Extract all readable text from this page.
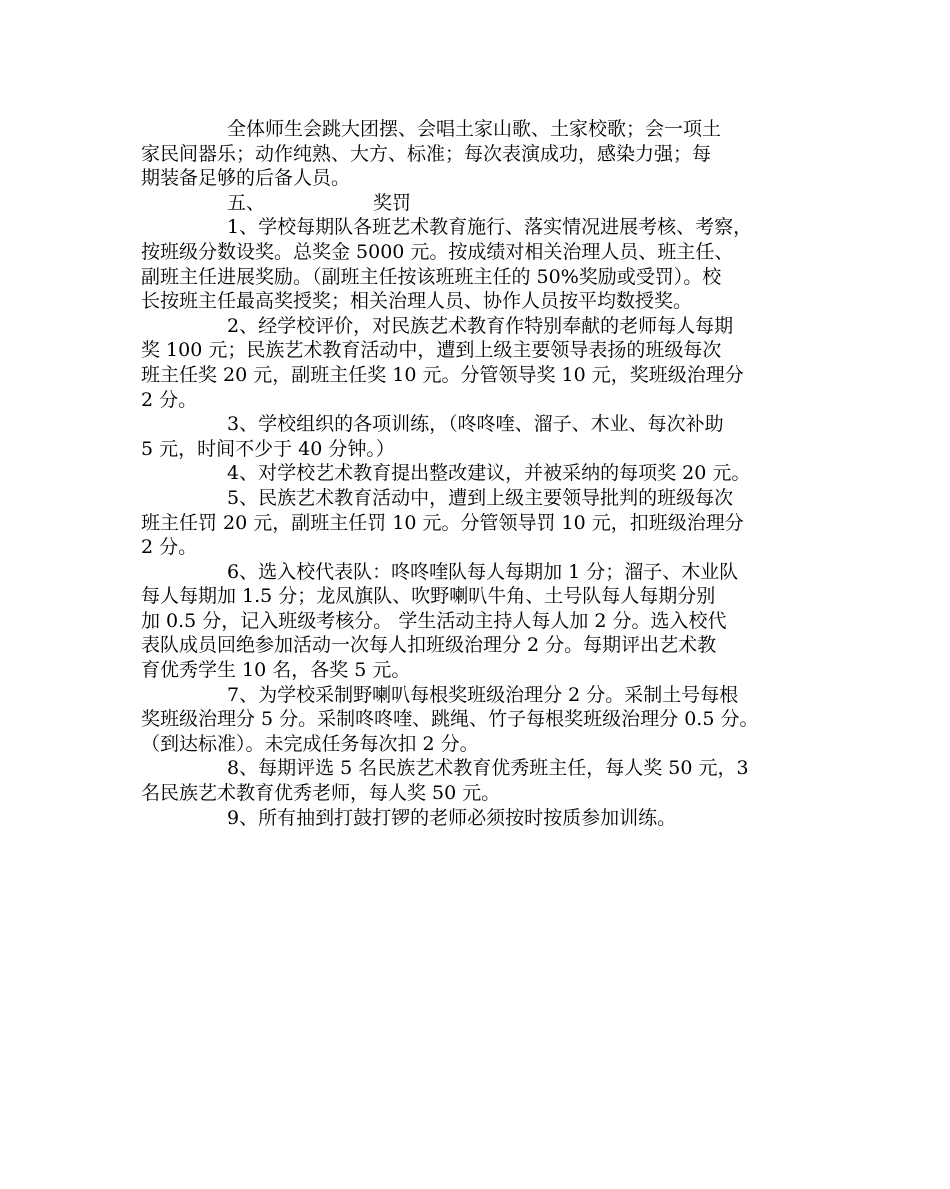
全体师生会跳大团摆、会唱土家山歌、土家校歌；会一项土
家民间器乐；动作纯熟、大方、标准；每次表演成功，感染力强；每
期装备足够的后备人员。
五、	奖罚
1、学校每期队各班艺术教育施行、落实情况进展考核、考察，
按班级分数设奖。总奖金 5000 元。按成绩对相关治理人员、班主任、
副班主任进展奖励。（副班主任按该班班主任的 50%奖励或受罚）。校
长按班主任最高奖授奖；相关治理人员、协作人员按平均数授奖。
2、经学校评价，对民族艺术教育作特别奉献的老师每人每期
奖 100 元；民族艺术教育活动中，遭到上级主要领导表扬的班级每次
班主任奖 20 元，副班主任奖 10 元。分管领导奖 10 元，奖班级治理分
2 分。
3、学校组织的各项训练，（咚咚喹、溜子、木业、每次补助
5 元，时间不少于 40 分钟。）
4、对学校艺术教育提出整改建议，并被采纳的每项奖 20 元。
5、民族艺术教育活动中，遭到上级主要领导批判的班级每次
班主任罚 20 元，副班主任罚 10 元。分管领导罚 10 元，扣班级治理分
2 分。
6、选入校代表队：咚咚喹队每人每期加 1 分；溜子、木业队
每人每期加 1.5 分；龙凤旗队、吹野喇叭牛角、土号队每人每期分别
加 0.5 分，记入班级考核分。 学生活动主持人每人加 2 分。选入校代
表队成员回绝参加活动一次每人扣班级治理分 2 分。每期评出艺术教
育优秀学生 10 名，各奖 5 元。
7、为学校采制野喇叭每根奖班级治理分 2 分。采制土号每根
奖班级治理分 5 分。采制咚咚喹、跳绳、竹子每根奖班级治理分 0.5 分。
（到达标准）。未完成任务每次扣 2 分。
8、每期评选 5 名民族艺术教育优秀班主任，每人奖 50 元，3
名民族艺术教育优秀老师，每人奖 50 元。
9、所有抽到打鼓打锣的老师必须按时按质参加训练。
